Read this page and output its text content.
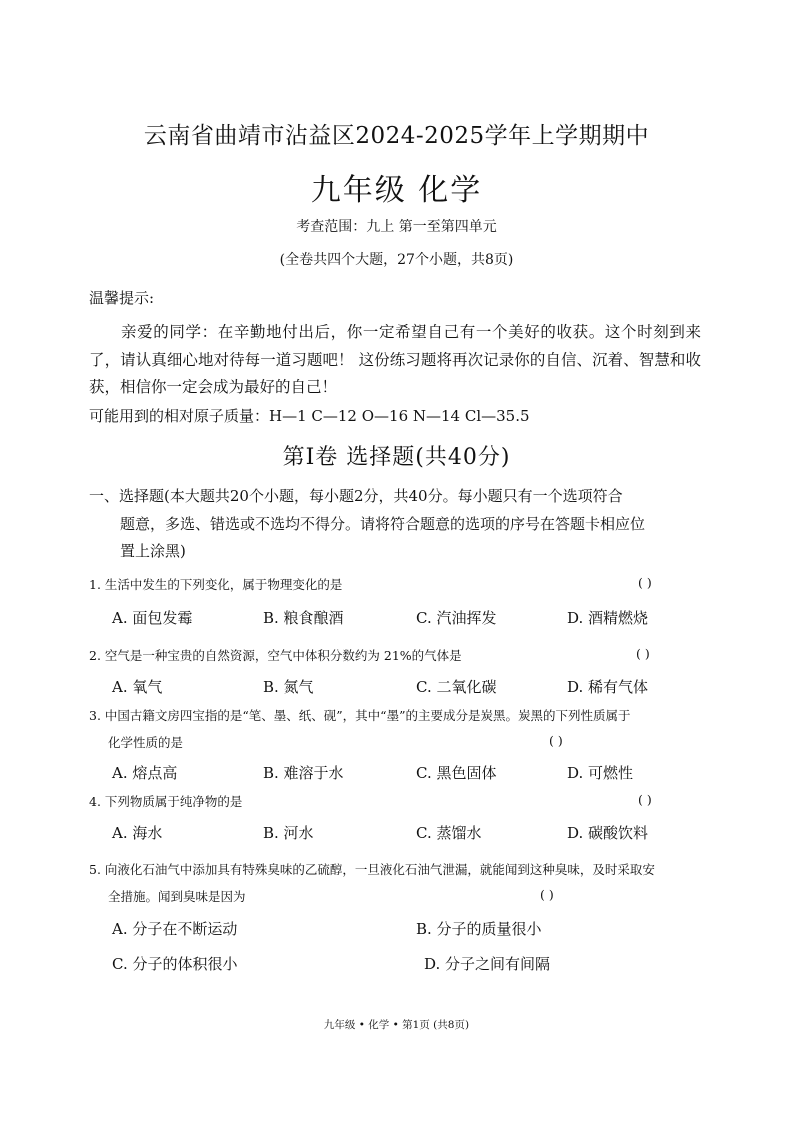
云南省曲靖市沾益区2024-2025学年上学期期中
九年级 化学
考查范围：九上 第一至第四单元
(全卷共四个大题，27个小题，共8页)
温馨提示:
亲爱的同学：在辛勤地付出后，你一定希望自己有一个美好的收获。这个时刻到来了，请认真细心地对待每一道习题吧！ 这份练习题将再次记录你的自信、沉着、智慧和收获，相信你一定会成为最好的自己！
可能用到的相对原子质量：H—1 C—12 O—16 N—14 Cl—35.5
第Ⅰ卷 选择题(共40分)
一、选择题(本大题共20个小题，每小题2分，共40分。每小题只有一个选项符合
题意，多选、错选或不选均不得分。请将符合题意的选项的序号在答题卡相应位
置上涂黑)
1. 生活中发生的下列变化，属于物理变化的是	( )
A. 面包发霉	B. 粮食酿酒	C. 汽油挥发	D. 酒精燃烧
2. 空气是一种宝贵的自然资源，空气中体积分数约为 21%的气体是	( )
A. 氧气	B. 氮气	C. 二氧化碳	D. 稀有气体
3. 中国古籍文房四宝指的是“笔、墨、纸、砚”，其中“墨”的主要成分是炭黑。炭黑的下列性质属于
化学性质的是	( )
A. 熔点高	B. 难溶于水	C. 黑色固体	D. 可燃性
4. 下列物质属于纯净物的是	( )
A. 海水	B. 河水	C. 蒸馏水	D. 碳酸饮料
5. 向液化石油气中添加具有特殊臭味的乙硫醇，一旦液化石油气泄漏，就能闻到这种臭味，及时采取安
全措施。闻到臭味是因为	( )
A. 分子在不断运动	B. 分子的质量很小
C. 分子的体积很小	D. 分子之间有间隔
九年级 • 化学 • 第1页 (共8页)
